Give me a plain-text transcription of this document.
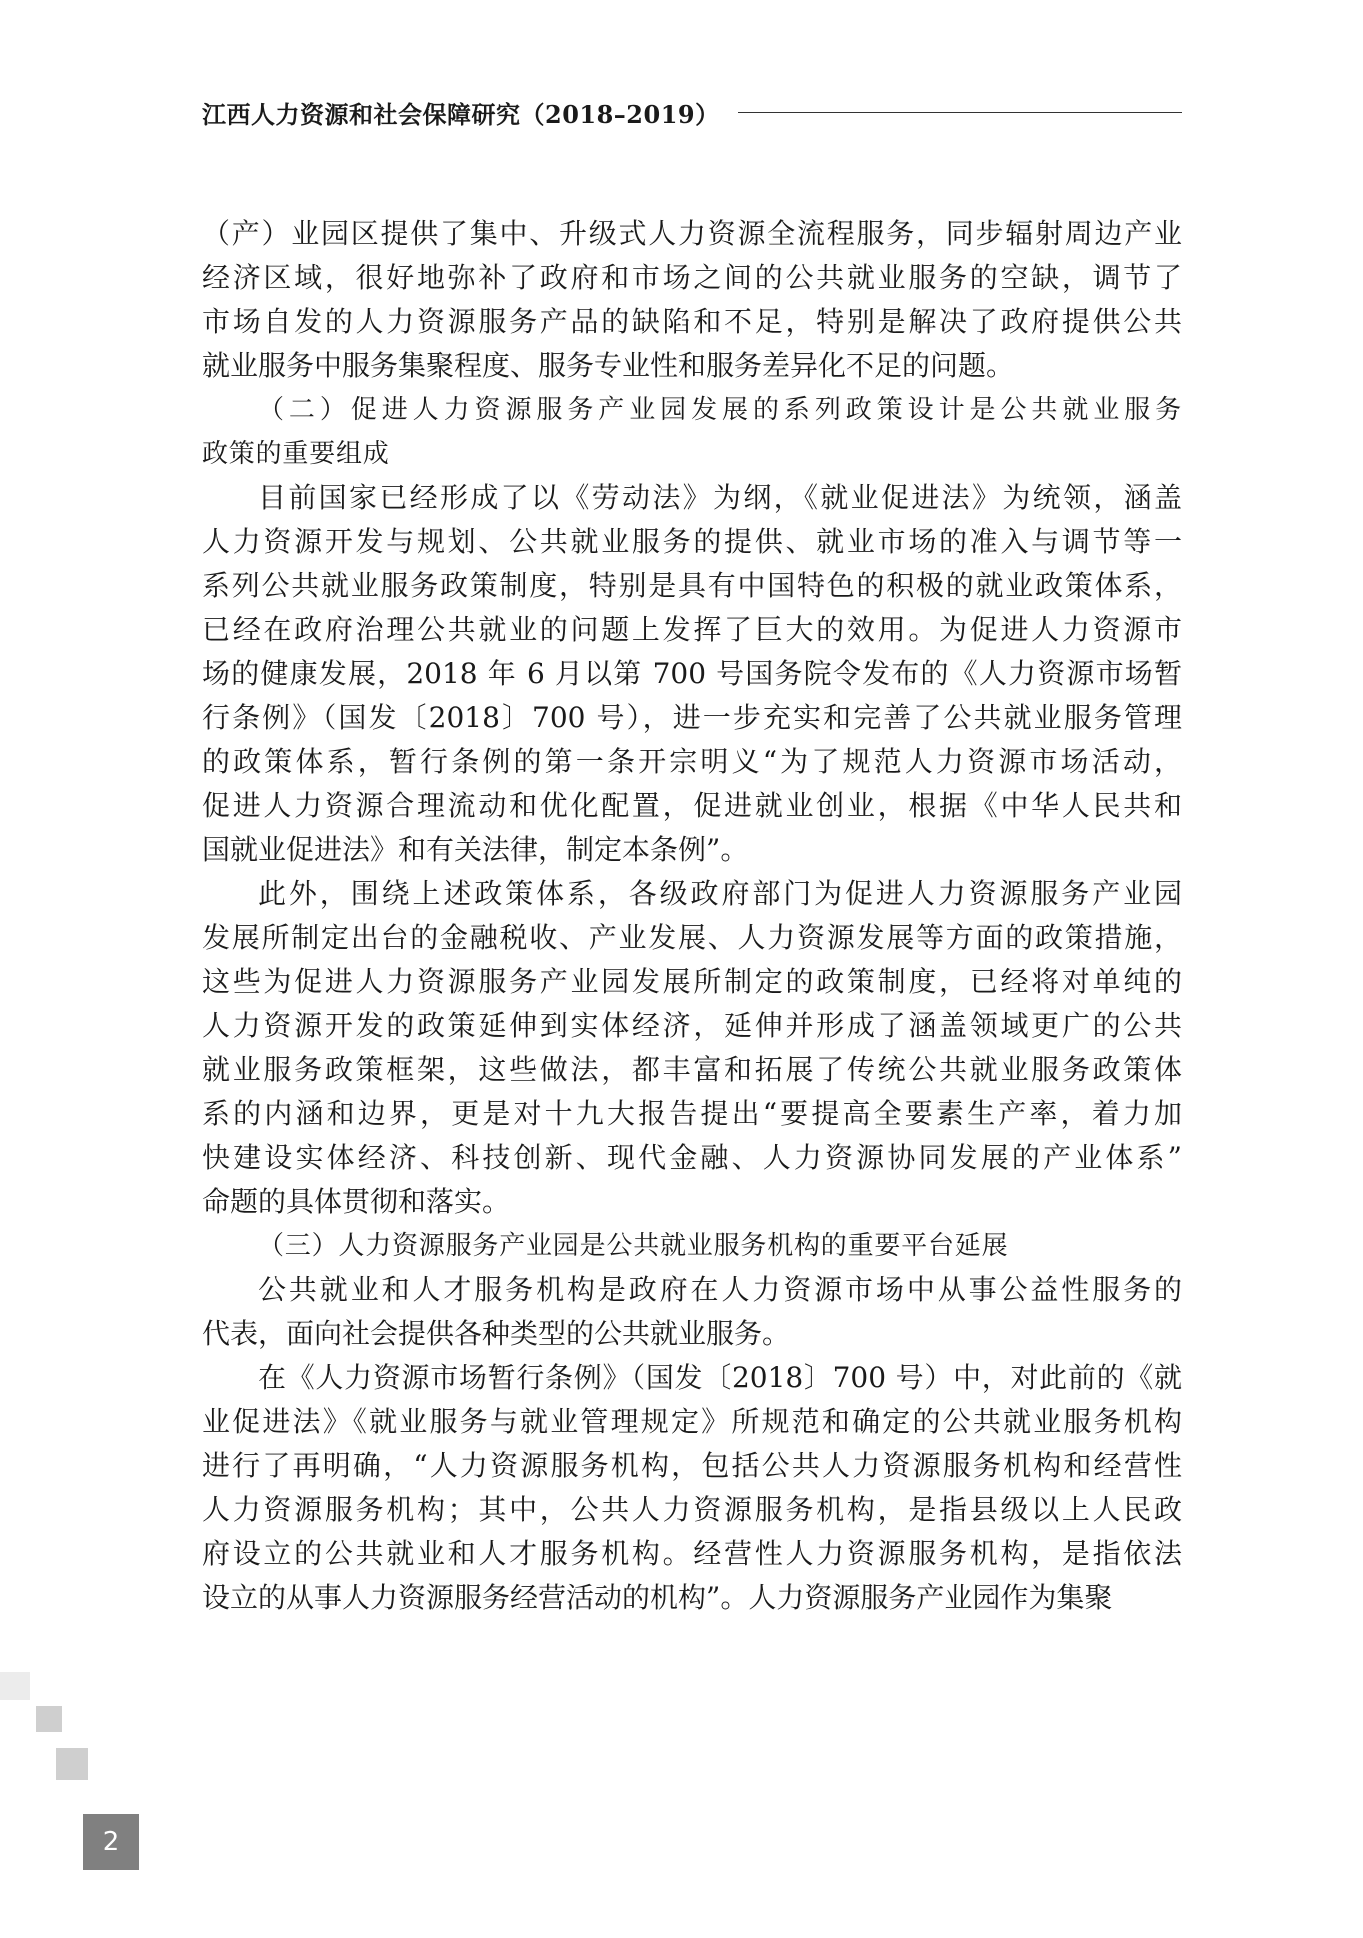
江西人力资源和社会保障研究（2018–2019）
（产）业园区提供了集中、升级式人力资源全流程服务，同步辐射周边产业
经济区域，很好地弥补了政府和市场之间的公共就业服务的空缺，调节了
市场自发的人力资源服务产品的缺陷和不足，特别是解决了政府提供公共
就业服务中服务集聚程度、服务专业性和服务差异化不足的问题。
（二）促进人力资源服务产业园发展的系列政策设计是公共就业服务
政策的重要组成
目前国家已经形成了以《劳动法》为纲，《就业促进法》为统领，涵盖
人力资源开发与规划、公共就业服务的提供、就业市场的准入与调节等一
系列公共就业服务政策制度，特别是具有中国特色的积极的就业政策体系，
已经在政府治理公共就业的问题上发挥了巨大的效用。为促进人力资源市
场的健康发展，2018 年 6 月以第 700 号国务院令发布的《人力资源市场暂
行条例》（国发〔2018〕700 号），进一步充实和完善了公共就业服务管理
的政策体系，暂行条例的第一条开宗明义“为了规范人力资源市场活动，
促进人力资源合理流动和优化配置，促进就业创业，根据《中华人民共和
国就业促进法》和有关法律，制定本条例”。
此外，围绕上述政策体系，各级政府部门为促进人力资源服务产业园
发展所制定出台的金融税收、产业发展、人力资源发展等方面的政策措施，
这些为促进人力资源服务产业园发展所制定的政策制度，已经将对单纯的
人力资源开发的政策延伸到实体经济，延伸并形成了涵盖领域更广的公共
就业服务政策框架，这些做法，都丰富和拓展了传统公共就业服务政策体
系的内涵和边界，更是对十九大报告提出“要提高全要素生产率，着力加
快建设实体经济、科技创新、现代金融、人力资源协同发展的产业体系”
命题的具体贯彻和落实。
（三）人力资源服务产业园是公共就业服务机构的重要平台延展
公共就业和人才服务机构是政府在人力资源市场中从事公益性服务的
代表，面向社会提供各种类型的公共就业服务。
在《人力资源市场暂行条例》（国发〔2018〕700 号）中，对此前的《就
业促进法》《就业服务与就业管理规定》所规范和确定的公共就业服务机构
进行了再明确，“人力资源服务机构，包括公共人力资源服务机构和经营性
人力资源服务机构；其中，公共人力资源服务机构，是指县级以上人民政
府设立的公共就业和人才服务机构。经营性人力资源服务机构，是指依法
设立的从事人力资源服务经营活动的机构”。人力资源服务产业园作为集聚
2
